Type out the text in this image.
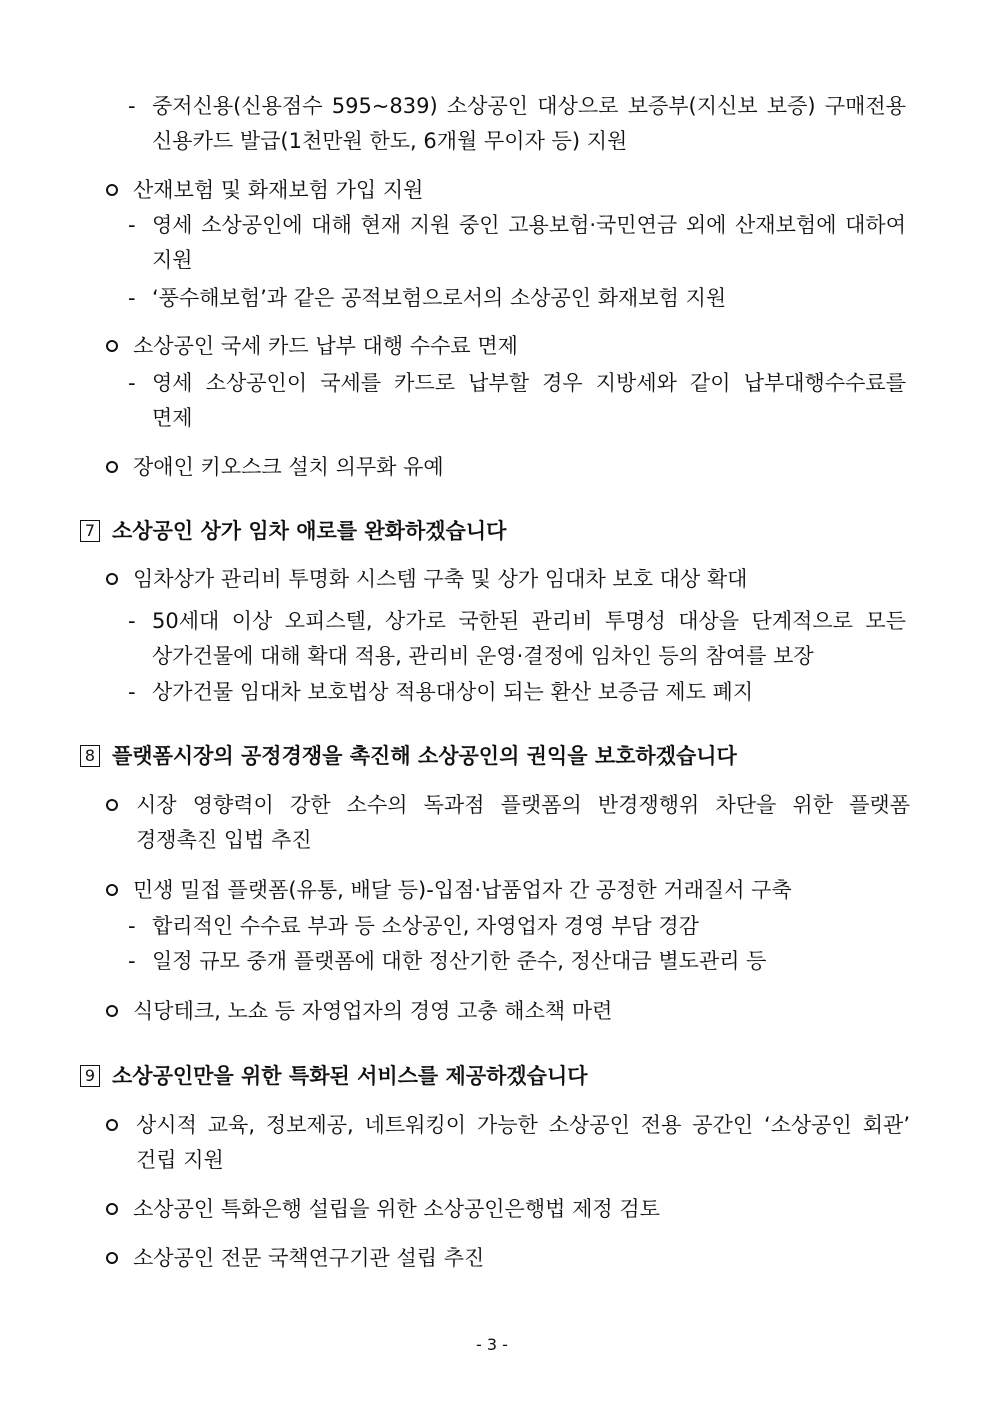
- 중저신용(신용점수 595~839) 소상공인 대상으로 보증부(지신보 보증) 구매전용
신용카드 발급(1천만원 한도, 6개월 무이자 등) 지원
산재보험 및 화재보험 가입 지원
- 영세 소상공인에 대해 현재 지원 중인 고용보험·국민연금 외에 산재보험에 대하여
지원
- ‘풍수해보험’과 같은 공적보험으로서의 소상공인 화재보험 지원
소상공인 국세 카드 납부 대행 수수료 면제
- 영세 소상공인이 국세를 카드로 납부할 경우 지방세와 같이 납부대행수수료를
면제
장애인 키오스크 설치 의무화 유예
7 소상공인 상가 임차 애로를 완화하겠습니다
임차상가 관리비 투명화 시스템 구축 및 상가 임대차 보호 대상 확대
- 50세대 이상 오피스텔, 상가로 국한된 관리비 투명성 대상을 단계적으로 모든
상가건물에 대해 확대 적용, 관리비 운영·결정에 임차인 등의 참여를 보장
- 상가건물 임대차 보호법상 적용대상이 되는 환산 보증금 제도 폐지
8 플랫폼시장의 공정경쟁을 촉진해 소상공인의 권익을 보호하겠습니다
시장 영향력이 강한 소수의 독과점 플랫폼의 반경쟁행위 차단을 위한 플랫폼
경쟁촉진 입법 추진
민생 밀접 플랫폼(유통, 배달 등)-입점·납품업자 간 공정한 거래질서 구축
- 합리적인 수수료 부과 등 소상공인, 자영업자 경영 부담 경감
- 일정 규모 중개 플랫폼에 대한 정산기한 준수, 정산대금 별도관리 등
식당테크, 노쇼 등 자영업자의 경영 고충 해소책 마련
9 소상공인만을 위한 특화된 서비스를 제공하겠습니다
상시적 교육, 정보제공, 네트워킹이 가능한 소상공인 전용 공간인 ‘소상공인 회관’
건립 지원
소상공인 특화은행 설립을 위한 소상공인은행법 제정 검토
소상공인 전문 국책연구기관 설립 추진
- 3 -
